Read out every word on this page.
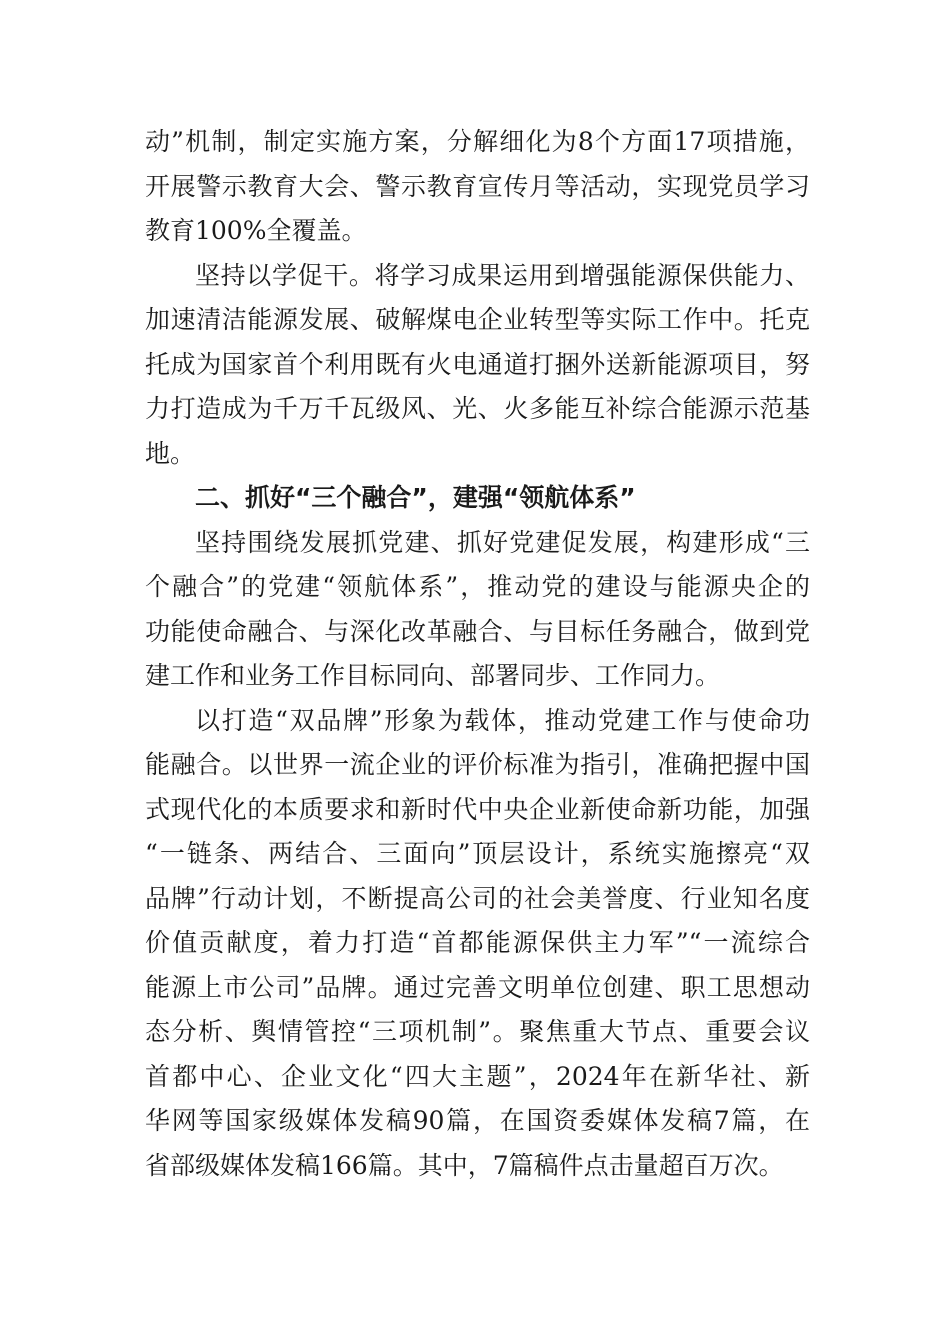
动”机制，制定实施方案，分解细化为8个方面17项措施，
开展警示教育大会、警示教育宣传月等活动，实现党员学习
教育100%全覆盖。
坚持以学促干。将学习成果运用到增强能源保供能力、
加速清洁能源发展、破解煤电企业转型等实际工作中。托克
托成为国家首个利用既有火电通道打捆外送新能源项目，努
力打造成为千万千瓦级风、光、火多能互补综合能源示范基
地。
二、抓好“三个融合”，建强“领航体系”
坚持围绕发展抓党建、抓好党建促发展，构建形成“三
个融合”的党建“领航体系”，推动党的建设与能源央企的
功能使命融合、与深化改革融合、与目标任务融合，做到党
建工作和业务工作目标同向、部署同步、工作同力。
以打造“双品牌”形象为载体，推动党建工作与使命功
能融合。以世界一流企业的评价标准为指引，准确把握中国
式现代化的本质要求和新时代中央企业新使命新功能，加强
“一链条、两结合、三面向”顶层设计，系统实施擦亮“双
品牌”行动计划，不断提高公司的社会美誉度、行业知名度
价值贡献度，着力打造“首都能源保供主力军”“一流综合
能源上市公司”品牌。通过完善文明单位创建、职工思想动
态分析、舆情管控“三项机制”。聚焦重大节点、重要会议
首都中心、企业文化“四大主题”，2024年在新华社、新
华网等国家级媒体发稿90篇，在国资委媒体发稿7篇，在
省部级媒体发稿166篇。其中，7篇稿件点击量超百万次。
